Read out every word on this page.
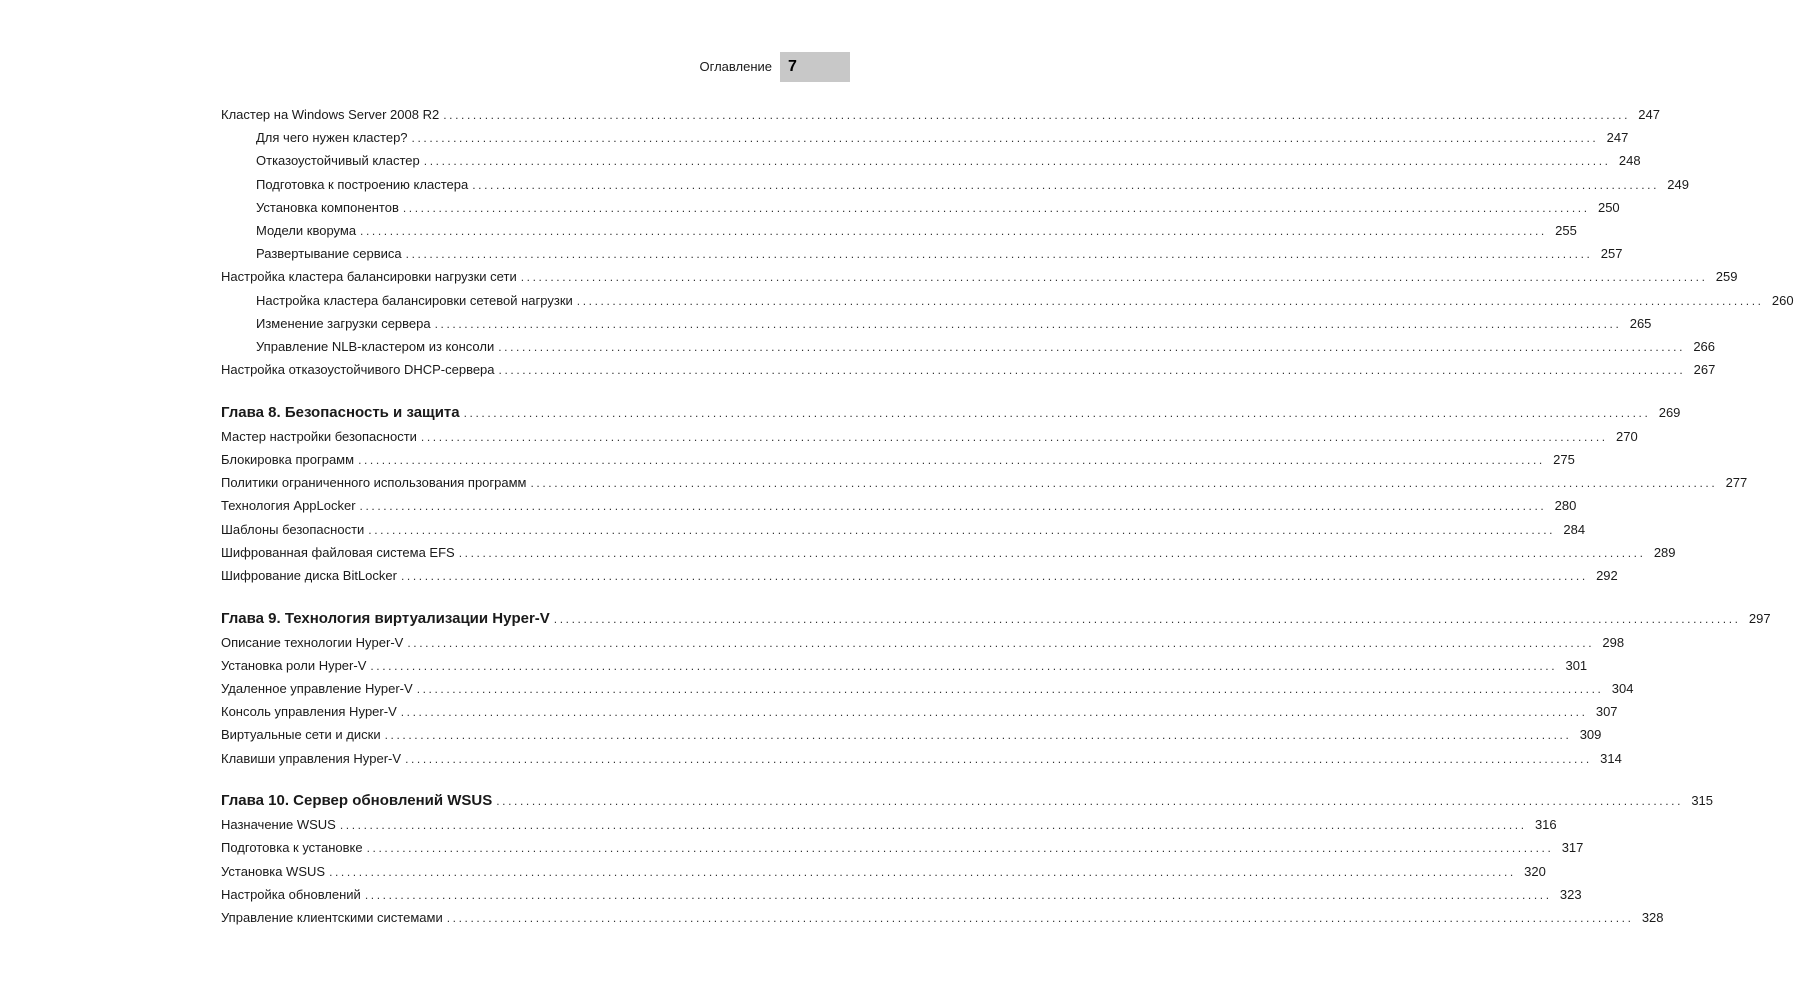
Оглавление 7
Кластер на Windows Server 2008 R2 ........................................................................................................................................................................................................ 247
Для чего нужен кластер? ........................................................................................................................................................................................................ 247
Отказоустойчивый кластер ........................................................................................................................................................................................................ 248
Подготовка к построению кластера ........................................................................................................................................................................................................ 249
Установка компонентов ........................................................................................................................................................................................................ 250
Модели кворума ........................................................................................................................................................................................................ 255
Развертывание сервиса ........................................................................................................................................................................................................ 257
Настройка кластера балансировки нагрузки сети ........................................................................................................................................................................................................ 259
Настройка кластера балансировки сетевой нагрузки ........................................................................................................................................................................................................ 260
Изменение загрузки сервера ........................................................................................................................................................................................................ 265
Управление NLB-кластером из консоли ........................................................................................................................................................................................................ 266
Настройка отказоустойчивого DHCP-сервера ........................................................................................................................................................................................................ 267
Глава 8. Безопасность и защита ........................................................................................................................................................................................................ 269
Мастер настройки безопасности ........................................................................................................................................................................................................ 270
Блокировка программ ........................................................................................................................................................................................................ 275
Политики ограниченного использования программ ........................................................................................................................................................................................................ 277
Технология AppLocker ........................................................................................................................................................................................................ 280
Шаблоны безопасности ........................................................................................................................................................................................................ 284
Шифрованная файловая система EFS ........................................................................................................................................................................................................ 289
Шифрование диска BitLocker ........................................................................................................................................................................................................ 292
Глава 9. Технология виртуализации Hyper-V ........................................................................................................................................................................................................ 297
Описание технологии Hyper-V ........................................................................................................................................................................................................ 298
Установка роли Hyper-V ........................................................................................................................................................................................................ 301
Удаленное управление Hyper-V ........................................................................................................................................................................................................ 304
Консоль управления Hyper-V ........................................................................................................................................................................................................ 307
Виртуальные сети и диски ........................................................................................................................................................................................................ 309
Клавиши управления Hyper-V ........................................................................................................................................................................................................ 314
Глава 10. Сервер обновлений WSUS ........................................................................................................................................................................................................ 315
Назначение WSUS ........................................................................................................................................................................................................ 316
Подготовка к установке ........................................................................................................................................................................................................ 317
Установка WSUS ........................................................................................................................................................................................................ 320
Настройка обновлений ........................................................................................................................................................................................................ 323
Управление клиентскими системами ........................................................................................................................................................................................................ 328
